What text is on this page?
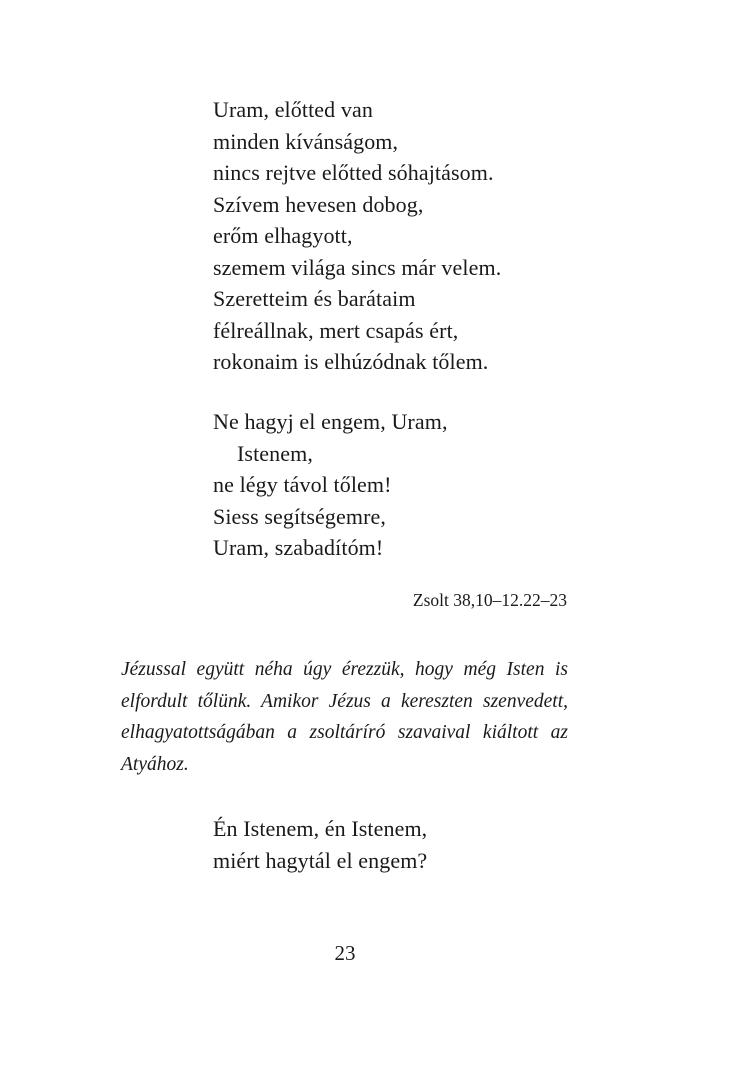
Uram, előtted van
minden kívánságom,
nincs rejtve előtted sóhajtásom.
Szívem hevesen dobog,
erőm elhagyott,
szemem világa sincs már velem.
Szeretteim és barátaim
félreállnak, mert csapás ért,
rokonaim is elhúzódnak tőlem.
Ne hagyj el engem, Uram,
Istenem,
ne légy távol tőlem!
Siess segítségemre,
Uram, szabadítóm!
Zsolt 38,10–12.22–23

Jézussal együtt néha úgy érezzük, hogy még Isten is elfordult tőlünk. Amikor Jézus a kereszten szenvedett, elhagyatottságában a zsoltáríró szavaival kiáltott az Atyához.

Én Istenem, én Istenem,
miért hagytál el engem?
23
